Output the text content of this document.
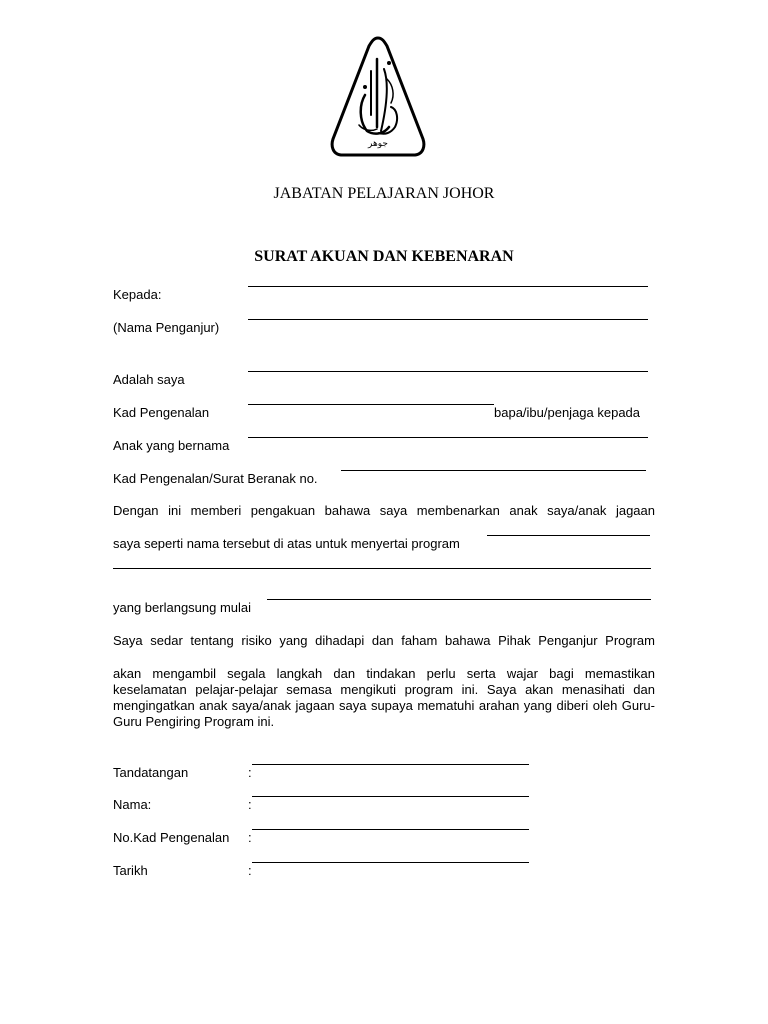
جوهر
JABATAN PELAJARAN JOHOR
SURAT AKUAN DAN KEBENARAN
Kepada:
(Nama Penganjur)
Adalah saya
Kad Pengenalan	bapa/ibu/penjaga kepada
Anak yang bernama
Kad Pengenalan/Surat Beranak no.
Dengan ini memberi pengakuan bahawa saya membenarkan anak saya/anak jagaan
saya seperti nama tersebut di atas untuk menyertai program
yang berlangsung mulai
Saya sedar tentang risiko yang dihadapi dan faham bahawa Pihak Penganjur Program
akan mengambil segala langkah dan tindakan perlu serta wajar bagi memastikan keselamatan pelajar-pelajar semasa mengikuti program ini. Saya akan menasihati dan mengingatkan anak saya/anak jagaan saya supaya mematuhi arahan yang diberi oleh Guru-Guru Pengiring Program ini.
Tandatangan	:
Nama:	:
No.Kad Pengenalan :
Tarikh	:
